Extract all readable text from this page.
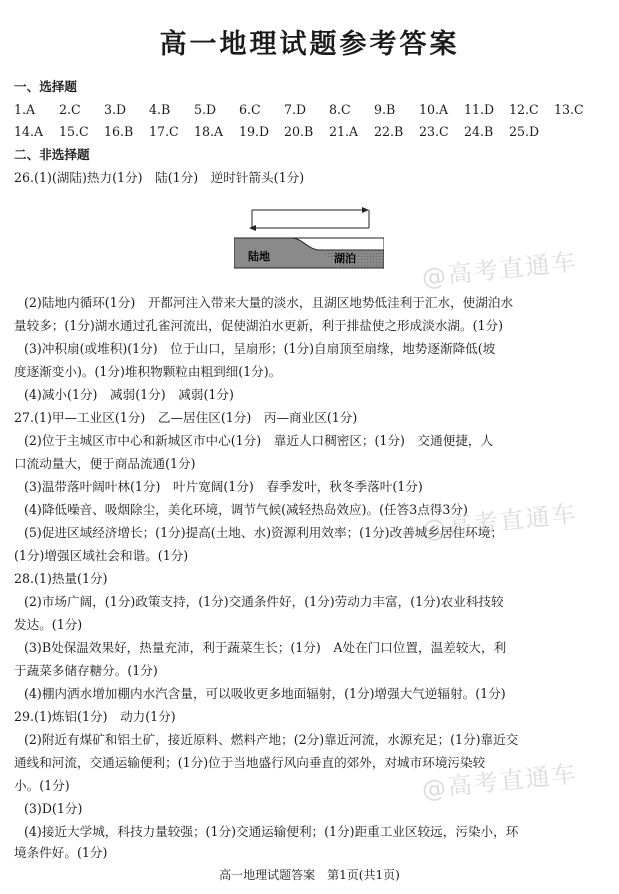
高一地理试题参考答案
一、选择题
1.A 2.C 3.D 4.B 5.D 6.C 7.D 8.C 9.B 10.A 11.D 12.C 13.C
14.A 15.C 16.B 17.C 18.A 19.D 20.B 21.A 22.B 23.C 24.B 25.D
二、非选择题
26.(1)(湖陆)热力(1分)　陆(1分)　逆时针箭头(1分)
陆地	湖泊
(2)陆地内循环(1分)　开都河注入带来大量的淡水，且湖区地势低洼利于汇水，使湖泊水
量较多；(1分)湖水通过孔雀河流出，促使湖泊水更新，利于排盐使之形成淡水湖。(1分)
(3)冲积扇(或堆积)(1分)　位于山口，呈扇形；(1分)自扇顶至扇缘，地势逐渐降低(坡
度逐渐变小)。(1分)堆积物颗粒由粗到细(1分)。
(4)减小(1分)　减弱(1分)　减弱(1分)
27.(1)甲—工业区(1分)　乙—居住区(1分)　丙—商业区(1分)
(2)位于主城区市中心和新城区市中心(1分)　靠近人口稠密区；(1分)　交通便捷，人
口流动量大，便于商品流通(1分)
(3)温带落叶阔叶林(1分)　叶片宽阔(1分)　春季发叶，秋冬季落叶(1分)
(4)降低噪音、吸烟除尘，美化环境，调节气候(减轻热岛效应)。(任答3点得3分)
(5)促进区域经济增长；(1分)提高(土地、水)资源利用效率；(1分)改善城乡居住环境；
(1分)增强区域社会和谐。(1分)
28.(1)热量(1分)
(2)市场广阔，(1分)政策支持，(1分)交通条件好，(1分)劳动力丰富，(1分)农业科技较
发达。(1分)
(3)B处保温效果好，热量充沛，利于蔬菜生长；(1分)　A处在门口位置，温差较大，利
于蔬菜多储存糖分。(1分)
(4)棚内洒水增加棚内水汽含量，可以吸收更多地面辐射，(1分)增强大气逆辐射。(1分)
29.(1)炼铝(1分)　动力(1分)
(2)附近有煤矿和铝土矿，接近原料、燃料产地；(2分)靠近河流，水源充足；(1分)靠近交
通线和河流，交通运输便利；(1分)位于当地盛行风向垂直的郊外，对城市环境污染较
小。(1分)
(3)D(1分)
(4)接近大学城，科技力量较强；(1分)交通运输便利；(1分)距重工业区较远，污染小，环
境条件好。(1分)
高一地理试题答案　第1页(共1页)
@高考直通车
@高考直通车
@高考直通车
